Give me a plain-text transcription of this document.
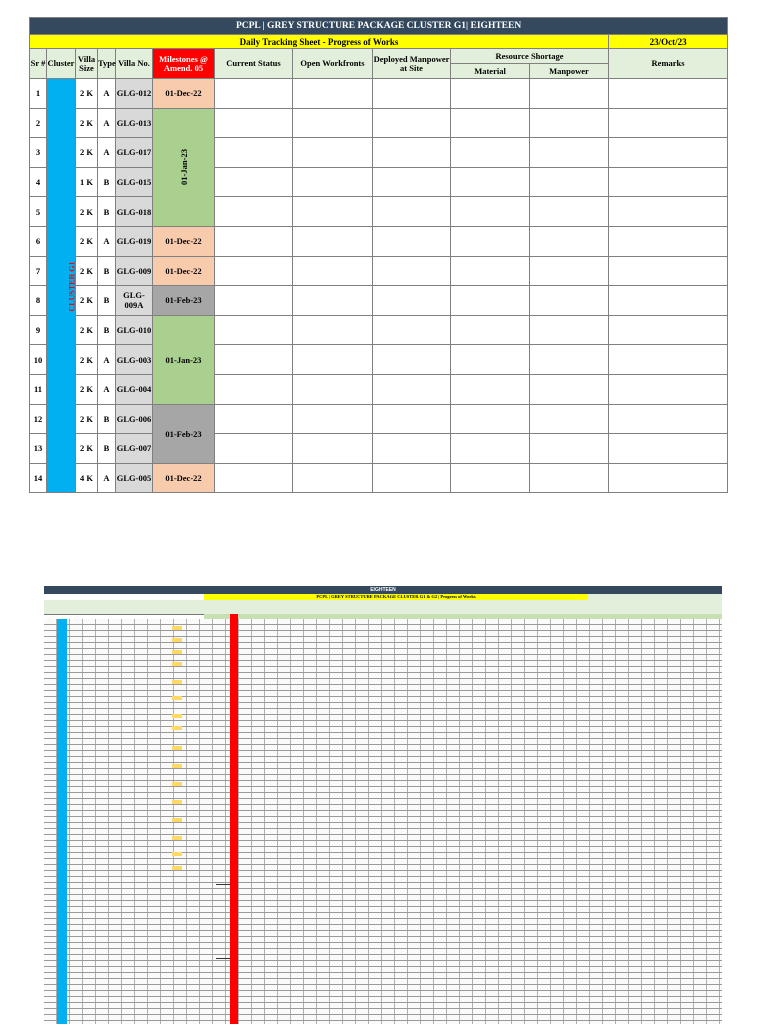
PCPL | GREY STRUCTURE PACKAGE CLUSTER G1| EIGHTEEN											
Daily Tracking Sheet - Progress of Works											23/Oct/23
Sr #	Cluster	Villa Size	Type	Villa No.	Milestones @
Amend. 05	Current Status	Open Workfronts	Deployed Manpower at Site	Resource Shortage		Remarks
									Material	Manpower	
1	CLUSTER G1	2 K	A	GLG-012	01-Dec-22						
2		2 K	A	GLG-013	01-Jan-23						
3		2 K	A	GLG-017							
4		1 K	B	GLG-015							
5		2 K	B	GLG-018							
6		2 K	A	GLG-019	01-Dec-22						
7		2 K	B	GLG-009	01-Dec-22						
8		2 K	B	GLG-009A	01-Feb-23						
9		2 K	B	GLG-010	01-Jan-23						
10		2 K	A	GLG-003							
11		2 K	A	GLG-004							
12		2 K	B	GLG-006	01-Feb-23						
13		2 K	B	GLG-007							
14		4 K	A	GLG-005	01-Dec-22						
EIGHTEEN
PCPL | GREY STRUCTURE PACKAGE CLUSTER G1 & G2 | Progress of Works
